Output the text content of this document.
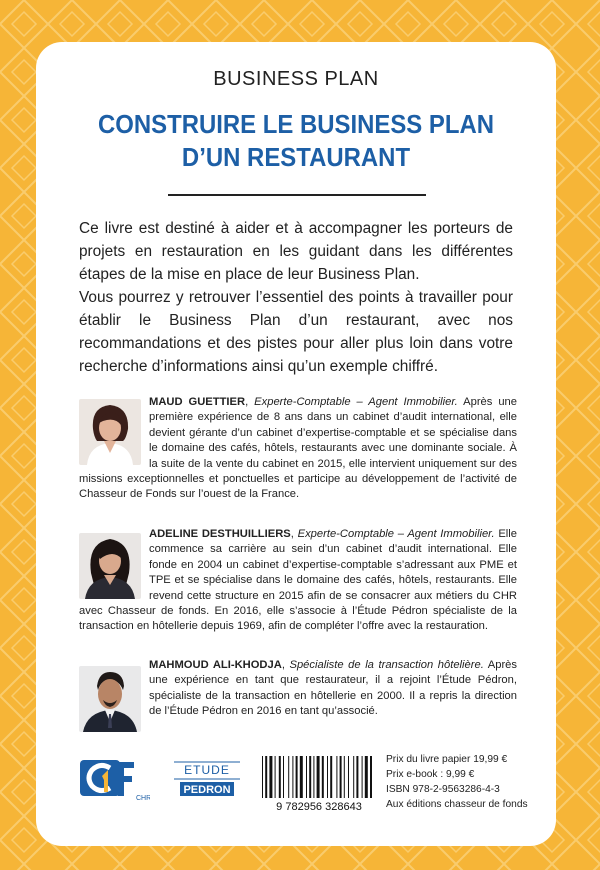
BUSINESS PLAN
CONSTRUIRE LE BUSINESS PLAN
D’UN RESTAURANT

Ce livre est destiné à aider et à accompagner les porteurs de projets en restauration en les guidant dans les différentes étapes de la mise en place de leur Business Plan.

Vous pourrez y retrouver l’essentiel des points à travailler pour établir le Business Plan d’un restaurant, avec nos recommandations et des pistes pour aller plus loin dans votre recherche d’informations ainsi qu’un exemple chiffré.

MAUD GUETTIER, Experte-Comptable – Agent Immobilier. Après une première expérience de 8 ans dans un cabinet d’audit international, elle devient gérante d’un cabinet d’expertise-comptable et se spécialise dans le domaine des cafés, hôtels, restaurants avec une dominante sociale. À la suite de la vente du cabinet en 2015, elle intervient uniquement sur des missions exceptionnelles et ponctuelles et participe au développement de l’activité de Chasseur de Fonds sur l’ouest de la France.

ADELINE DESTHUILLIERS, Experte-Comptable – Agent Immobilier. Elle commence sa carrière au sein d’un cabinet d’audit international. Elle fonde en 2004 un cabinet d’expertise-comptable s’adressant aux PME et TPE et se spécialise dans le domaine des cafés, hôtels, restaurants. Elle revend cette structure en 2015 afin de se consacrer aux métiers du CHR avec Chasseur de fonds. En 2016, elle s’associe à l’Étude Pédron spécialiste de la transaction en hôtellerie depuis 1969, afin de compléter l’offre avec la restauration.

MAHMOUD ALI-KHODJA, Spécialiste de la transaction hôtelière. Après une expérience en tant que restaurateur, il a rejoint l’Étude Pédron, spécialiste de la transaction en hôtellerie en 2000. Il a repris la direction de l’Étude Pédron en 2016 en tant qu’associé.

CHR
ETUDE
PEDRON
9 782956 328643
Prix du livre papier 19,99 €
Prix e-book : 9,99 €
ISBN 978-2-9563286-4-3
Aux éditions chasseur de fonds
